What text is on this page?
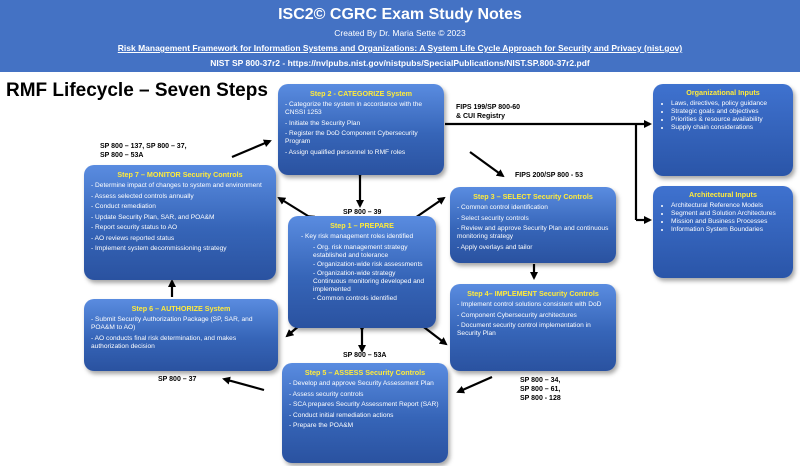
ISC2© CGRC Exam Study Notes
Created By Dr. Maria Sette © 2023
Risk Management Framework for Information Systems and Organizations: A System Life Cycle Approach for Security and Privacy (nist.gov)
NIST SP 800-37r2 - https://nvlpubs.nist.gov/nistpubs/SpecialPublications/NIST.SP.800-37r2.pdf
RMF Lifecycle – Seven Steps	Step 2 - CATEGORIZE System
- Categorize the system in accordance with the CNSSI 1253
- Initiate the Security Plan
- Register the DoD Component Cybersecurity Program
- Assign qualified personnel to RMF roles
Step 7 – MONITOR Security Controls
- Determine impact of changes to system and environment
- Assess selected controls annually
- Conduct remediation
- Update Security Plan, SAR, and POA&M
- Report security status to AO
- AO reviews reported status
- Implement system decommissioning strategy
Step 1 – PREPARE
- Key risk management roles identified
- Org. risk management strategy established and tolerance
- Organization-wide risk assessments
- Organization-wide strategy Continuous monitoring developed and implemented
- Common controls identified
Step 3 – SELECT Security Controls
- Common control identification
- Select security controls
- Review and approve Security Plan and continuous monitoring strategy
- Apply overlays and tailor
Step 6 – AUTHORIZE System
- Submit Security Authorization Package (SP, SAR, and POA&M to AO)
- AO conducts final risk determination, and makes authorization decision
Step 4– IMPLEMENT Security Controls
- Implement control solutions consistent with DoD
- Component Cybersecurity architectures
- Document security control implementation in Security Plan
Step 5 – ASSESS Security Controls
- Develop and approve Security Assessment Plan
- Assess security controls
- SCA prepares Security Assessment Report (SAR)
- Conduct initial remediation actions
- Prepare the POA&M
Organizational Inputs
• Laws, directives, policy guidance
• Strategic goals and objectives
• Priorities & resource availability
• Supply chain considerations
Architectural Inputs
• Architectural Reference Models
• Segment and Solution Architectures
• Mission and Business Processes
• Information System Boundaries
FIPS 199/SP 800-60
& CUI Registry
FIPS 200/SP 800 - 53
SP 800 – 137, SP 800 – 37,
SP 800 – 53A
SP 800 – 39
SP 800 – 53A
SP 800 – 37	SP 800 – 34,
SP 800 – 61,
SP 800 - 128
